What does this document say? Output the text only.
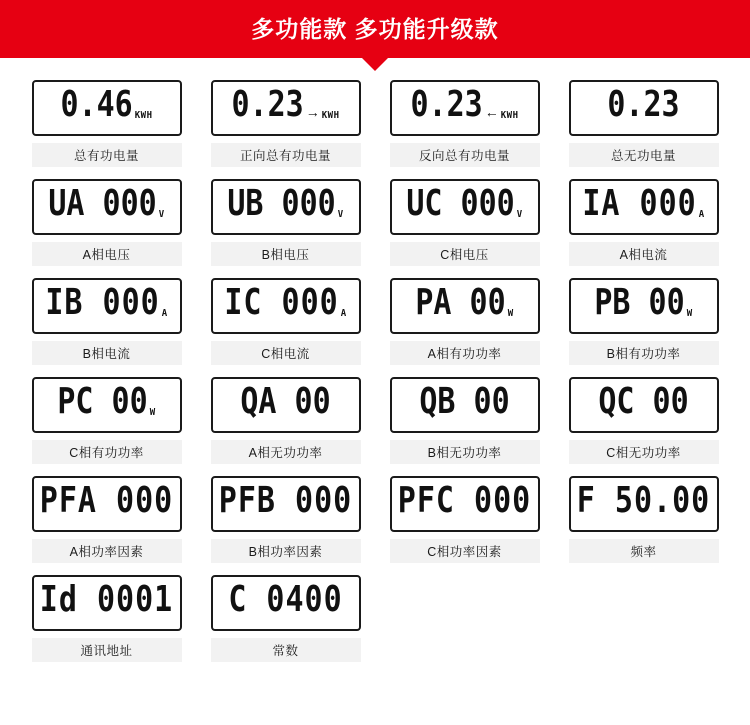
多功能款 多功能升级款
0.46 KWH
总有功电量
0.23 → KWH
正向总有功电量
0.23 ← KWH
反向总有功电量
0.23
总无功电量
UA 000 V
A相电压
UB 000 V
B相电压
UC 000 V
C相电压
IA 000 A
A相电流
IB 000 A
B相电流
IC 000 A
C相电流
PA 00 W
A相有功功率
PB 00 W
B相有功功率
PC 00 W
C相有功功率
QA 00
A相无功功率
QB 00
B相无功功率
QC 00
C相无功功率
PFA 000
A相功率因素
PFB 000
B相功率因素
PFC 000
C相功率因素
F 50.00
频率
Id 0001
通讯地址
C 0400
常数
